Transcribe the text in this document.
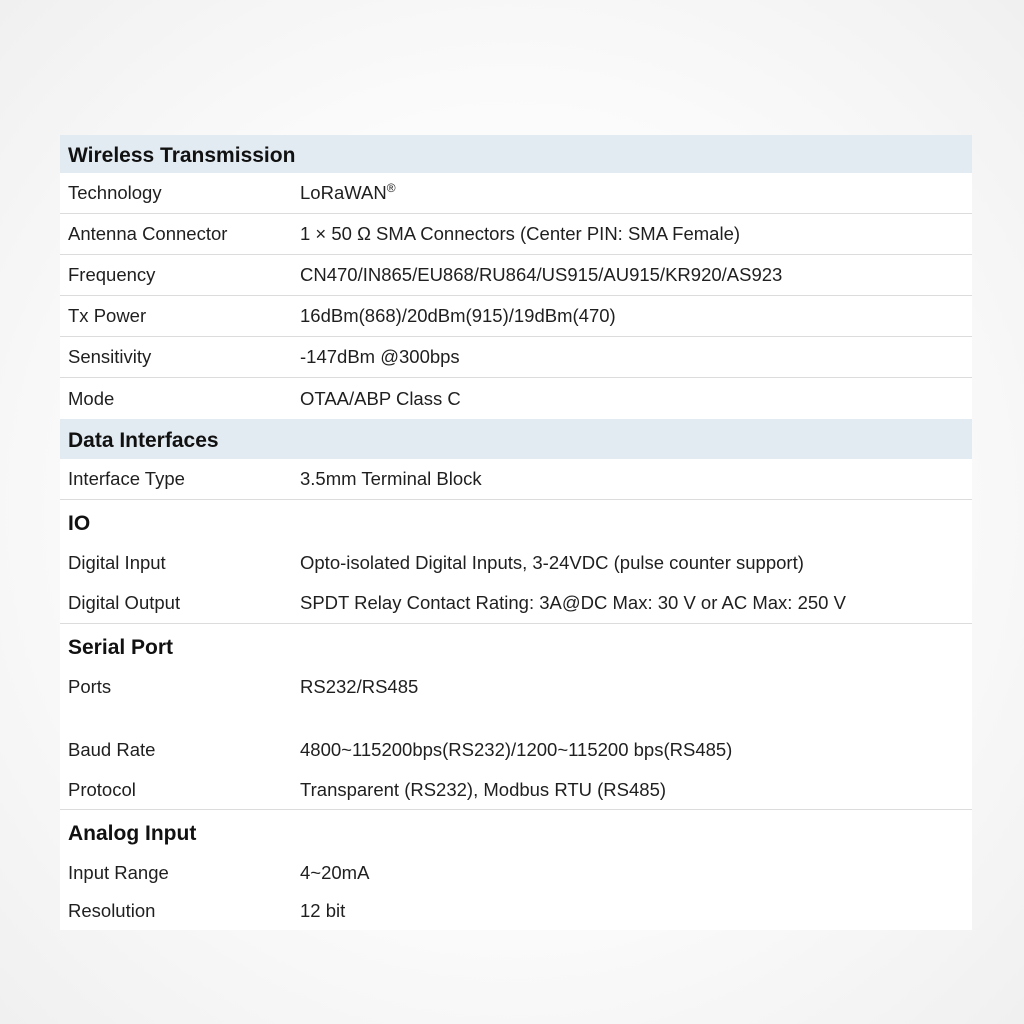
Wireless Transmission
Technology	LoRaWAN®
Antenna Connector	1 × 50 Ω SMA Connectors (Center PIN: SMA Female)
Frequency	CN470/IN865/EU868/RU864/US915/AU915/KR920/AS923
Tx Power	16dBm(868)/20dBm(915)/19dBm(470)
Sensitivity	-147dBm @300bps
Mode	OTAA/ABP Class C
Data Interfaces
Interface Type	3.5mm Terminal Block
IO
Digital Input	Opto-isolated Digital Inputs, 3-24VDC (pulse counter support)
Digital Output	SPDT Relay Contact Rating: 3A@DC Max: 30 V or AC Max: 250 V
Serial Port
Ports	RS232/RS485
Baud Rate	4800~115200bps(RS232)/1200~115200 bps(RS485)
Protocol	Transparent (RS232), Modbus RTU (RS485)
Analog Input
Input Range	4~20mA
Resolution	12 bit
